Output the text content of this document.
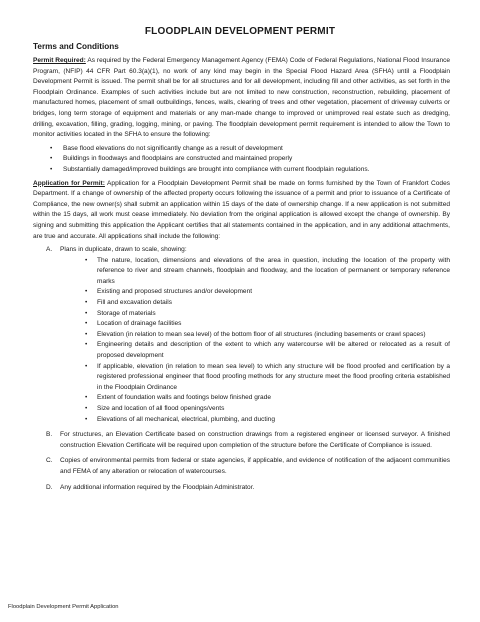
FLOODPLAIN DEVELOPMENT PERMIT
Terms and Conditions

Permit Required: As required by the Federal Emergency Management Agency (FEMA) Code of Federal Regulations, National Flood Insurance Program, (NFIP) 44 CFR Part 60.3(a)(1), no work of any kind may begin in the Special Flood Hazard Area (SFHA) until a Floodplain Development Permit is issued. The permit shall be for all structures and for all development, including fill and other activities, as set forth in the Floodplain Ordinance. Examples of such activities include but are not limited to new construction, reconstruction, rebuilding, placement of manufactured homes, placement of small outbuildings, fences, walls, clearing of trees and other vegetation, placement of driveway culverts or bridges, long term storage of equipment and materials or any man-made change to improved or unimproved real estate such as dredging, drilling, excavation, filling, grading, logging, mining, or paving. The floodplain development permit requirement is intended to allow the Town to monitor activities located in the SFHA to ensure the following:

• Base flood elevations do not significantly change as a result of development
• Buildings in floodways and floodplains are constructed and maintained properly
• Substantially damaged/improved buildings are brought into compliance with current floodplain regulations.

Application for Permit: Application for a Floodplain Development Permit shall be made on forms furnished by the Town of Frankfort Codes Department. If a change of ownership of the affected property occurs following the issuance of a permit and prior to issuance of a Certificate of Compliance, the new owner(s) shall submit an application within 15 days of the date of ownership change. If a new application is not submitted within the 15 days, all work must cease immediately. No deviation from the original application is allowed except the change of ownership. By signing and submitting this application the Applicant certifies that all statements contained in the application, and in any additional attachments, are true and accurate. All applications shall include the following:

A. Plans in duplicate, drawn to scale, showing:

• The nature, location, dimensions and elevations of the area in question, including the location of the property with reference to river and stream channels, floodplain and floodway, and the location of permanent or temporary reference marks
• Existing and proposed structures and/or development
• Fill and excavation details
• Storage of materials
• Location of drainage facilities
• Elevation (in relation to mean sea level) of the bottom floor of all structures (including basements or crawl spaces)
• Engineering details and description of the extent to which any watercourse will be altered or relocated as a result of proposed development
• If applicable, elevation (in relation to mean sea level) to which any structure will be flood proofed and certification by a registered professional engineer that flood proofing methods for any structure meet the flood proofing criteria established in the Floodplain Ordinance
• Extent of foundation walls and footings below finished grade
• Size and location of all flood openings/vents
• Elevations of all mechanical, electrical, plumbing, and ducting
B. For structures, an Elevation Certificate based on construction drawings from a registered engineer or licensed surveyor. A finished construction Elevation Certificate will be required upon completion of the structure before the Certificate of Compliance is issued.

C. Copies of environmental permits from federal or state agencies, if applicable, and evidence of notification of the adjacent communities and FEMA of any alteration or relocation of watercourses.

D. Any additional information required by the Floodplain Administrator.

Floodplain Development Permit Application
